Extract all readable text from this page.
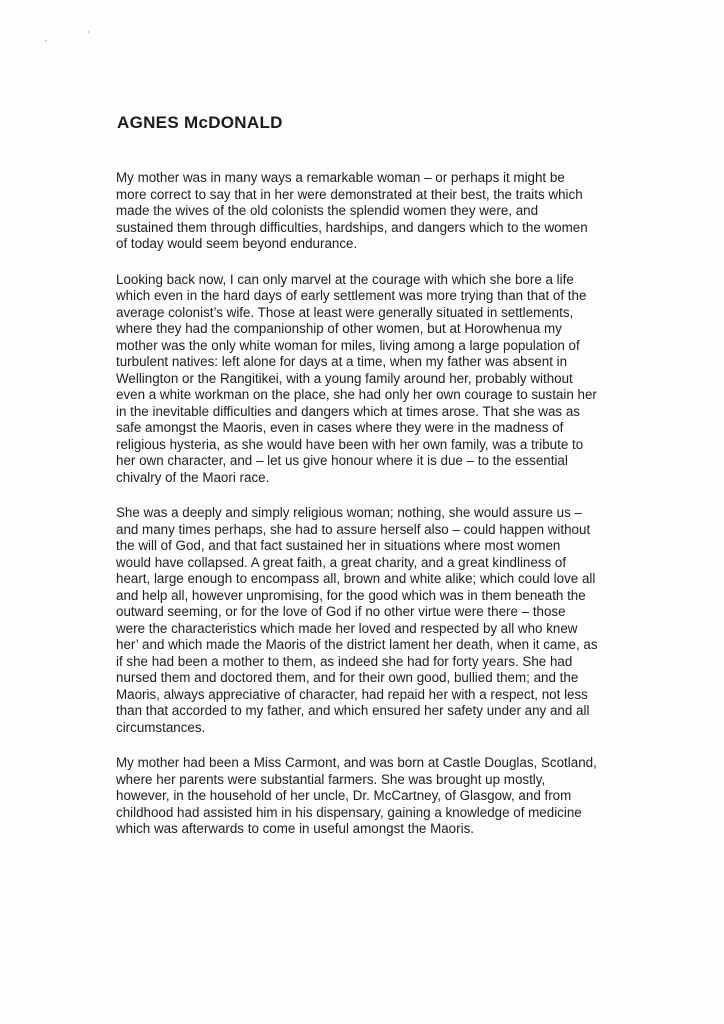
AGNES McDONALD

My mother was in many ways a remarkable woman – or perhaps it might be
more correct to say that in her were demonstrated at their best, the traits which
made the wives of the old colonists the splendid women they were, and
sustained them through difficulties, hardships, and dangers which to the women
of today would seem beyond endurance.

Looking back now, I can only marvel at the courage with which she bore a life
which even in the hard days of early settlement was more trying than that of the
average colonist’s wife. Those at least were generally situated in settlements,
where they had the companionship of other women, but at Horowhenua my
mother was the only white woman for miles, living among a large population of
turbulent natives: left alone for days at a time, when my father was absent in
Wellington or the Rangitikei, with a young family around her, probably without
even a white workman on the place, she had only her own courage to sustain her
in the inevitable difficulties and dangers which at times arose. That she was as
safe amongst the Maoris, even in cases where they were in the madness of
religious hysteria, as she would have been with her own family, was a tribute to
her own character, and – let us give honour where it is due – to the essential
chivalry of the Maori race.

She was a deeply and simply religious woman; nothing, she would assure us –
and many times perhaps, she had to assure herself also – could happen without
the will of God, and that fact sustained her in situations where most women
would have collapsed. A great faith, a great charity, and a great kindliness of
heart, large enough to encompass all, brown and white alike; which could love all
and help all, however unpromising, for the good which was in them beneath the
outward seeming, or for the love of God if no other virtue were there – those
were the characteristics which made her loved and respected by all who knew
her’ and which made the Maoris of the district lament her death, when it came, as
if she had been a mother to them, as indeed she had for forty years. She had
nursed them and doctored them, and for their own good, bullied them; and the
Maoris, always appreciative of character, had repaid her with a respect, not less
than that accorded to my father, and which ensured her safety under any and all
circumstances.

My mother had been a Miss Carmont, and was born at Castle Douglas, Scotland,
where her parents were substantial farmers. She was brought up mostly,
however, in the household of her uncle, Dr. McCartney, of Glasgow, and from
childhood had assisted him in his dispensary, gaining a knowledge of medicine
which was afterwards to come in useful amongst the Maoris.
